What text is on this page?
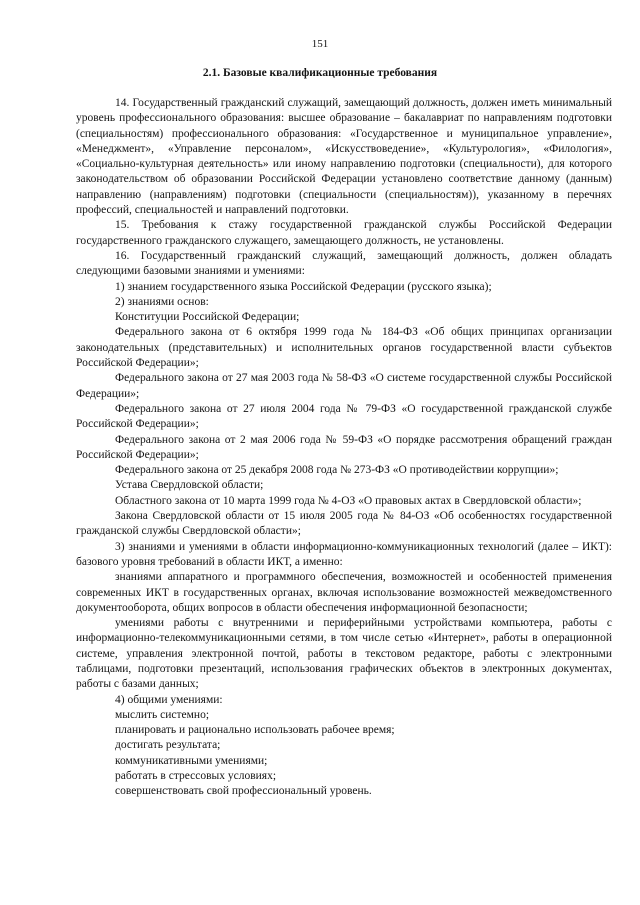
151
2.1. Базовые квалификационные требования

14. Государственный гражданский служащий, замещающий должность, должен иметь минимальный уровень профессионального образования: высшее образование – бакалавриат по направлениям подготовки (специальностям) профессионального образования: «Государственное и муниципальное управление», «Менеджмент», «Управление персоналом», «Искусствоведение», «Культурология», «Филология», «Социально-культурная деятельность» или иному направлению подготовки (специальности), для которого законодательством об образовании Российской Федерации установлено соответствие данному (данным) направлению (направлениям) подготовки (специальности (специальностям)), указанному в перечнях профессий, специальностей и направлений подготовки.

15. Требования к стажу государственной гражданской службы Российской Федерации государственного гражданского служащего, замещающего должность, не установлены.

16. Государственный гражданский служащий, замещающий должность, должен обладать следующими базовыми знаниями и умениями:

1) знанием государственного языка Российской Федерации (русского языка);

2) знаниями основ:

Конституции Российской Федерации;

Федерального закона от 6 октября 1999 года № 184-ФЗ «Об общих принципах организации законодательных (представительных) и исполнительных органов государственной власти субъектов Российской Федерации»;

Федерального закона от 27 мая 2003 года № 58-ФЗ «О системе государственной службы Российской Федерации»;

Федерального закона от 27 июля 2004 года № 79-ФЗ «О государственной гражданской службе Российской Федерации»;

Федерального закона от 2 мая 2006 года № 59-ФЗ «О порядке рассмотрения обращений граждан Российской Федерации»;

Федерального закона от 25 декабря 2008 года № 273-ФЗ «О противодействии коррупции»;

Устава Свердловской области;

Областного закона от 10 марта 1999 года № 4-ОЗ «О правовых актах в Свердловской области»;

Закона Свердловской области от 15 июля 2005 года № 84-ОЗ «Об особенностях государственной гражданской службы Свердловской области»;

3) знаниями и умениями в области информационно-коммуникационных технологий (далее – ИКТ): базового уровня требований в области ИКТ, а именно:

знаниями аппаратного и программного обеспечения, возможностей и особенностей применения современных ИКТ в государственных органах, включая использование возможностей межведомственного документооборота, общих вопросов в области обеспечения информационной безопасности;

умениями работы с внутренними и периферийными устройствами компьютера, работы с информационно-телекоммуникационными сетями, в том числе сетью «Интернет», работы в операционной системе, управления электронной почтой, работы в текстовом редакторе, работы с электронными таблицами, подготовки презентаций, использования графических объектов в электронных документах, работы с базами данных;

4) общими умениями:

мыслить системно;

планировать и рационально использовать рабочее время;

достигать результата;

коммуникативными умениями;

работать в стрессовых условиях;

совершенствовать свой профессиональный уровень.
